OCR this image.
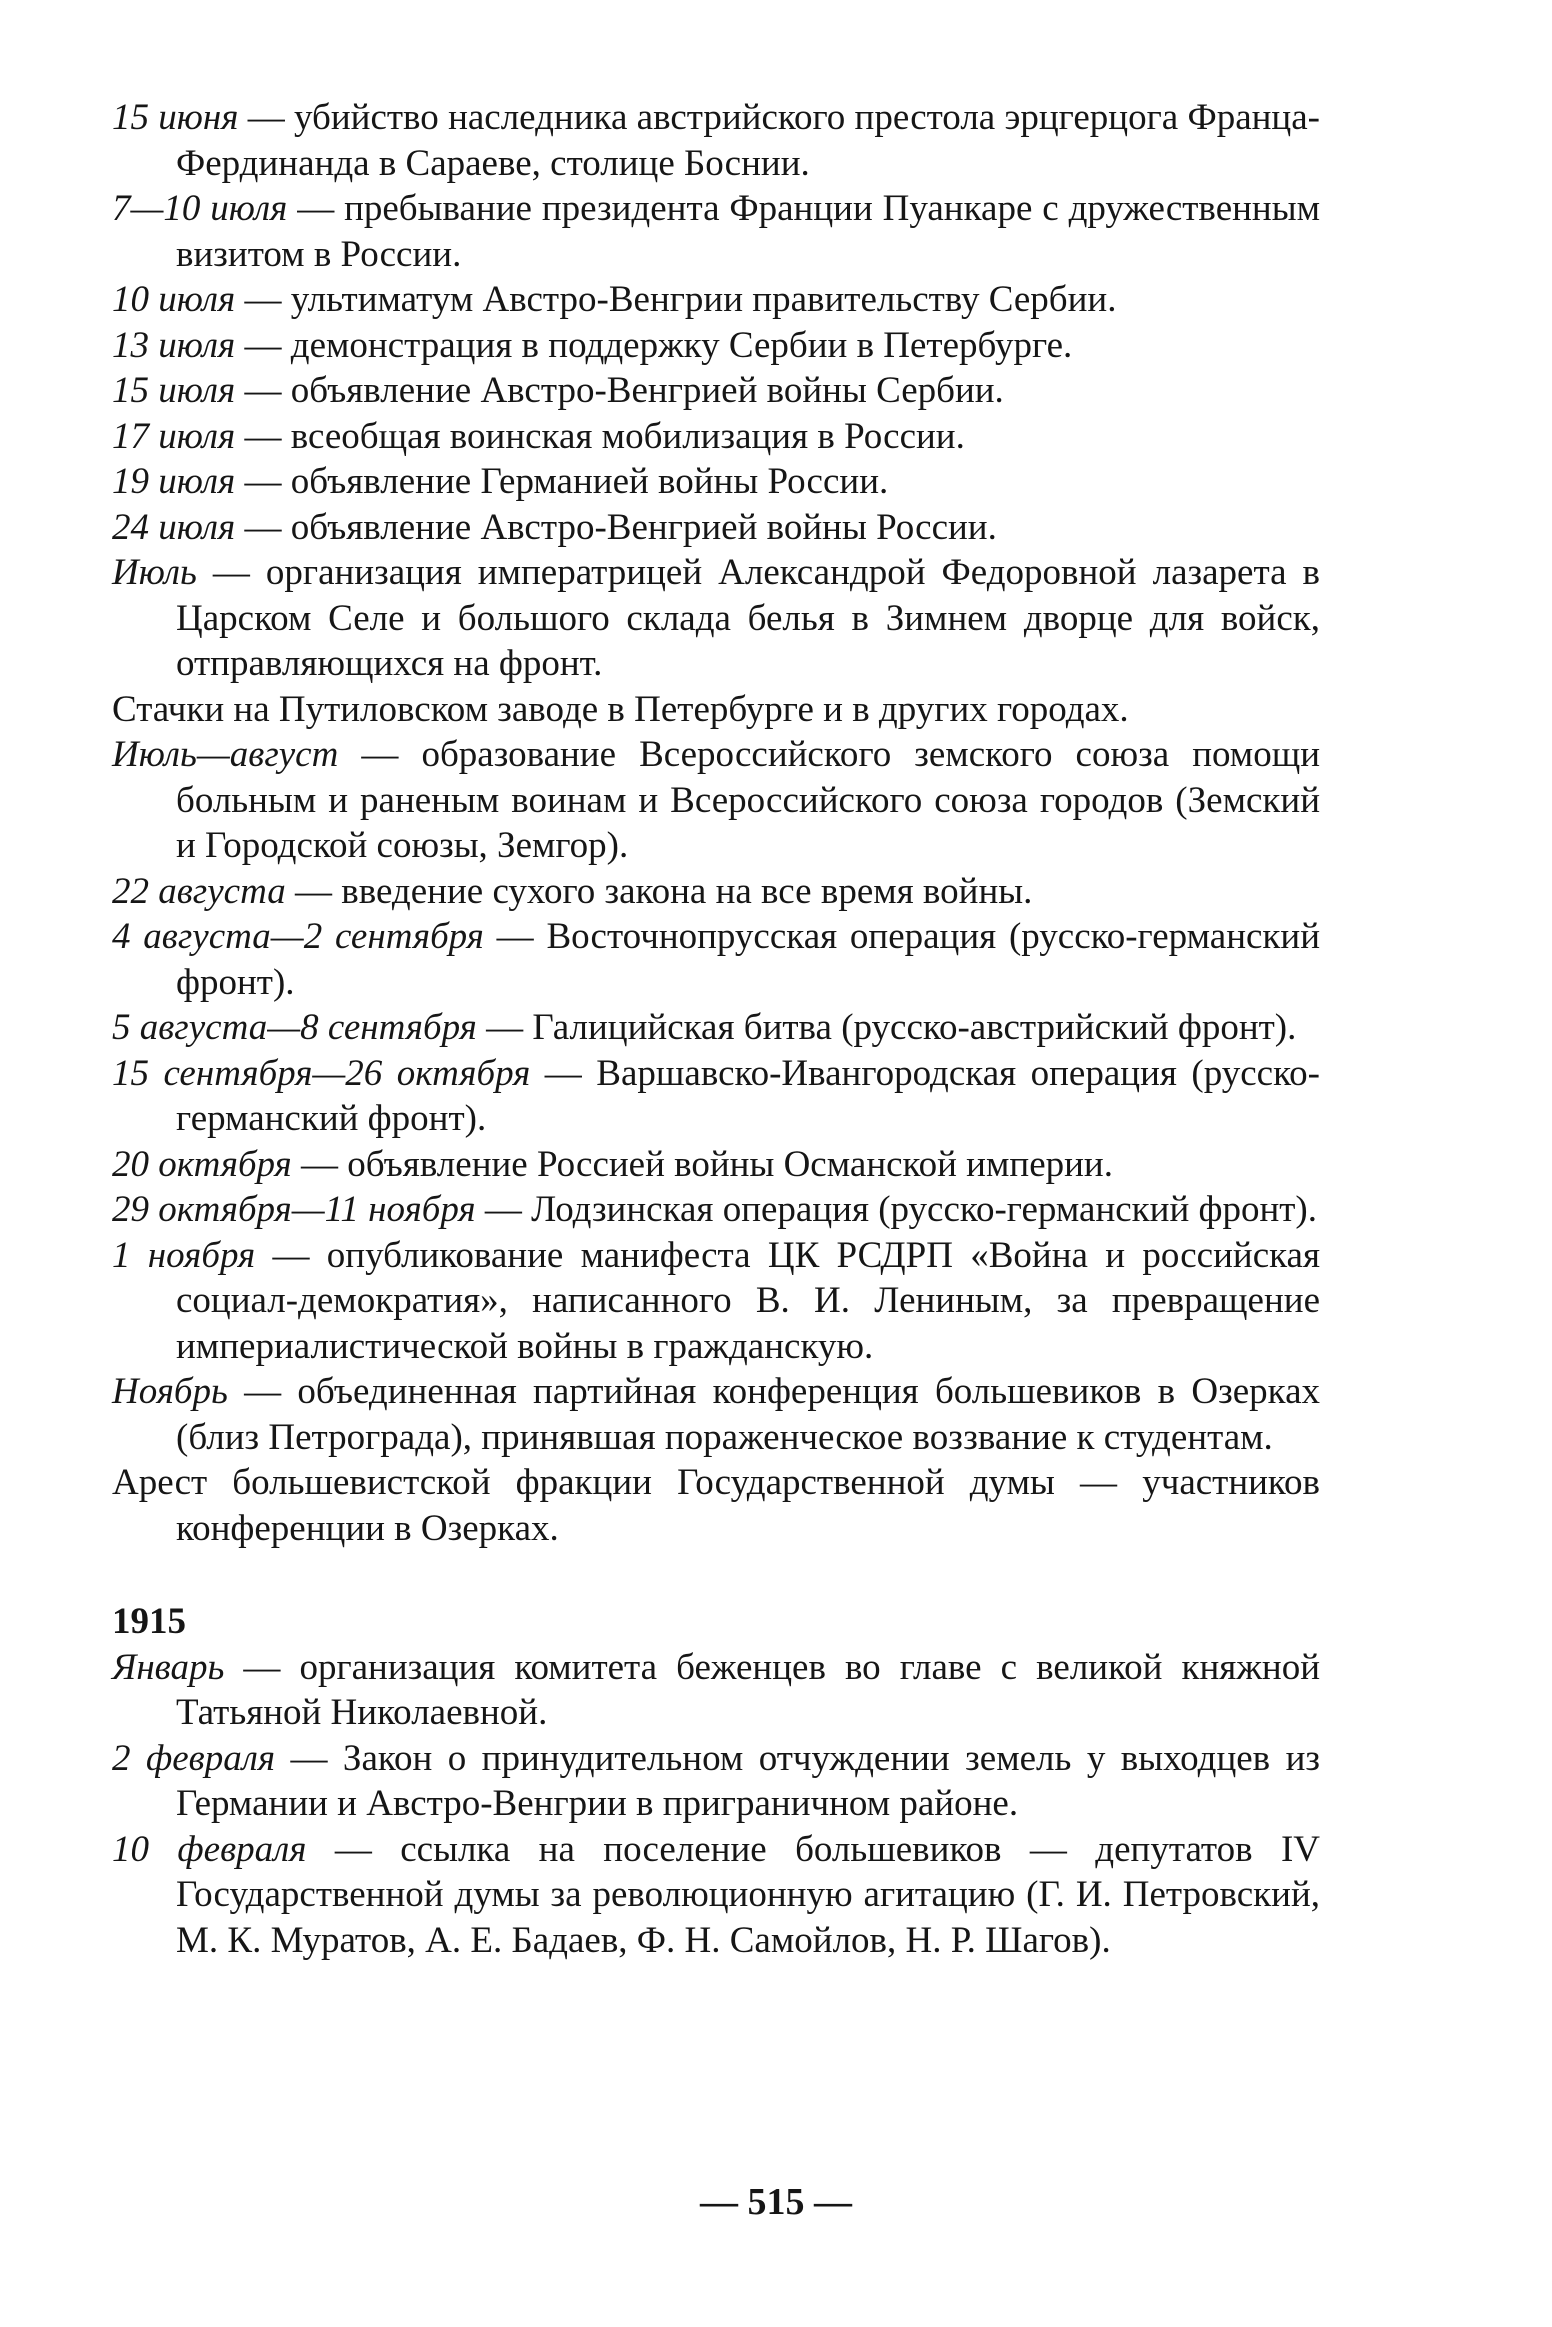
15 июня — убийство наследника австрийского престола эрцгерцога Франца-Фердинанда в Сараеве, столице Боснии.

7—10 июля — пребывание президента Франции Пуанкаре с дружественным визитом в России.

10 июля — ультиматум Австро-Венгрии правительству Сербии.

13 июля — демонстрация в поддержку Сербии в Петербурге.

15 июля — объявление Австро-Венгрией войны Сербии.

17 июля — всеобщая воинская мобилизация в России.

19 июля — объявление Германией войны России.

24 июля — объявление Австро-Венгрией войны России.

Июль — организация императрицей Александрой Федоровной лазарета в Царском Селе и большого склада белья в Зимнем дворце для войск, отправляющихся на фронт.

Стачки на Путиловском заводе в Петербурге и в других городах.

Июль—август — образование Всероссийского земского союза помощи больным и раненым воинам и Всероссийского союза городов (Земский и Городской союзы, Земгор).

22 августа — введение сухого закона на все время войны.

4 августа—2 сентября — Восточнопрусская операция (русско-германский фронт).

5 августа—8 сентября — Галицийская битва (русско-австрийский фронт).

15 сентября—26 октября — Варшавско-Ивангородская операция (русско-германский фронт).

20 октября — объявление Россией войны Османской империи.

29 октября—11 ноября — Лодзинская операция (русско-германский фронт).

1 ноября — опубликование манифеста ЦК РСДРП «Война и российская социал-демократия», написанного В. И. Лениным, за превращение империалистической войны в гражданскую.

Ноябрь — объединенная партийная конференция большевиков в Озерках (близ Петрограда), принявшая пораженческое воззвание к студентам.

Арест большевистской фракции Государственной думы — участников конференции в Озерках.

1915

Январь — организация комитета беженцев во главе с великой княжной Татьяной Николаевной.

2 февраля — Закон о принудительном отчуждении земель у выходцев из Германии и Австро-Венгрии в приграничном районе.

10 февраля — ссылка на поселение большевиков — депутатов IV Государственной думы за революционную агитацию (Г. И. Петровский, М. К. Муратов, А. Е. Бадаев, Ф. Н. Самойлов, Н. Р. Шагов).

— 515 —
